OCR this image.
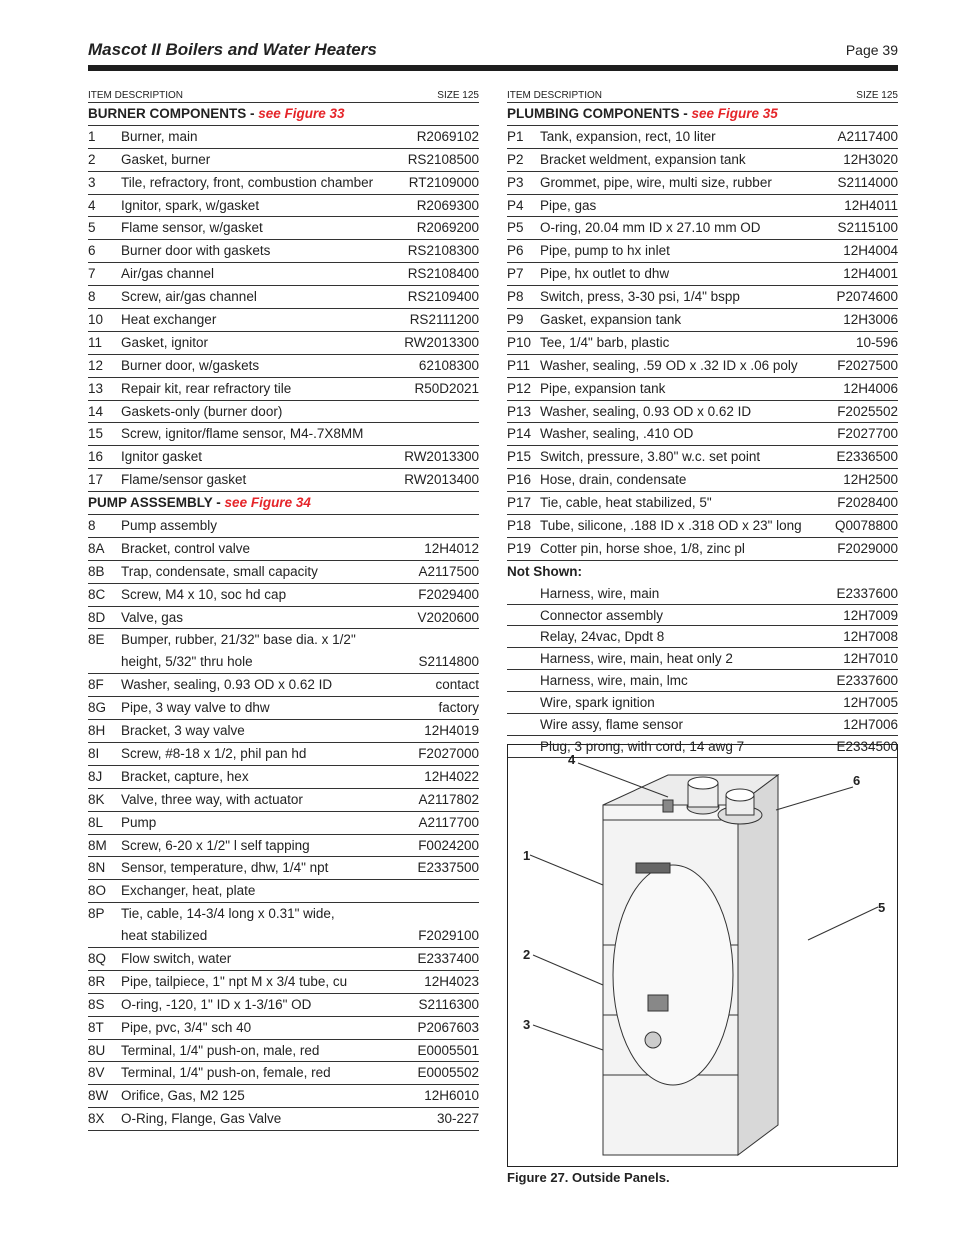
Mascot II Boilers and Water Heaters	Page 39
ITEM DESCRIPTION	SIZE 125
BURNER COMPONENTS - see Figure 33
1 Burner, main	R2069102
2 Gasket, burner	RS2108500
3 Tile, refractory, front, combustion chamber	RT2109000
4 Ignitor, spark, w/gasket	R2069300
5 Flame sensor, w/gasket	R2069200
6 Burner door with gaskets	RS2108300
7 Air/gas channel	RS2108400
8 Screw, air/gas channel	RS2109400
10 Heat exchanger	RS2111200
11 Gasket, ignitor	RW2013300
12 Burner door, w/gaskets	62108300
13 Repair kit, rear refractory tile	R50D2021
14 Gaskets-only (burner door)
15 Screw, ignitor/flame sensor, M4-.7X8MM
16 Ignitor gasket	RW2013300
17 Flame/sensor gasket	RW2013400
PUMP ASSSEMBLY - see Figure 34
8 Pump assembly
8A Bracket, control valve	12H4012
8B Trap, condensate, small capacity	A2117500
8C Screw, M4 x 10, soc hd cap	F2029400
8D Valve, gas	V2020600
8E Bumper, rubber, 21/32" base dia. x 1/2"
height, 5/32" thru hole	S2114800
8F Washer, sealing, 0.93 OD x 0.62 ID	contact
8G Pipe, 3 way valve to dhw	factory
8H Bracket, 3 way valve	12H4019
8I Screw, #8-18 x 1/2, phil pan hd	F2027000
8J Bracket, capture, hex	12H4022
8K Valve, three way, with actuator	A2117802
8L Pump	A2117700
8M Screw, 6-20 x 1/2" l self tapping	F0024200
8N Sensor, temperature, dhw, 1/4" npt	E2337500
8O Exchanger, heat, plate
8P Tie, cable, 14-3/4 long x 0.31" wide,
heat stabilized	F2029100
8Q Flow switch, water	E2337400
8R Pipe, tailpiece, 1" npt M x 3/4 tube, cu	12H4023
8S O-ring, -120, 1" ID x 1-3/16" OD	S2116300
8T Pipe, pvc, 3/4" sch 40	P2067603
8U Terminal, 1/4" push-on, male, red	E0005501
8V Terminal, 1/4" push-on, female, red	E0005502
8W Orifice, Gas, M2 125	12H6010
8X O-Ring, Flange, Gas Valve	30-227
ITEM DESCRIPTION	SIZE 125
PLUMBING COMPONENTS - see Figure 35
P1 Tank, expansion, rect, 10 liter	A2117400
P2 Bracket weldment, expansion tank	12H3020
P3 Grommet, pipe, wire, multi size, rubber	S2114000
P4 Pipe, gas	12H4011
P5 O-ring, 20.04 mm ID x 27.10 mm OD	S2115100
P6 Pipe, pump to hx inlet	12H4004
P7 Pipe, hx outlet to dhw	12H4001
P8 Switch, press, 3-30 psi, 1/4" bspp	P2074600
P9 Gasket, expansion tank	12H3006
P10 Tee, 1/4" barb, plastic	10-596
P11 Washer, sealing, .59 OD x .32 ID x .06 poly	F2027500
P12 Pipe, expansion tank	12H4006
P13 Washer, sealing, 0.93 OD x 0.62 ID	F2025502
P14 Washer, sealing, .410 OD	F2027700
P15 Switch, pressure, 3.80" w.c. set point	E2336500
P16 Hose, drain, condensate	12H2500
P17 Tie, cable, heat stabilized, 5"	F2028400
P18 Tube, silicone, .188 ID x .318 OD x 23" long Q0078800
P19 Cotter pin, horse shoe, 1/8, zinc pl	F2029000
Not Shown:
Harness, wire, main	E2337600
Connector assembly	12H7009
Relay, 24vac, Dpdt 8	12H7008
Harness, wire, main, heat only 2	12H7010
Harness, wire, main, lmc	E2337600
Wire, spark ignition	12H7005
Wire assy, flame sensor	12H7006
Plug, 3 prong, with cord, 14 awg 7	E2334500
4
6
1
5
2
3
Figure 27. Outside Panels.
